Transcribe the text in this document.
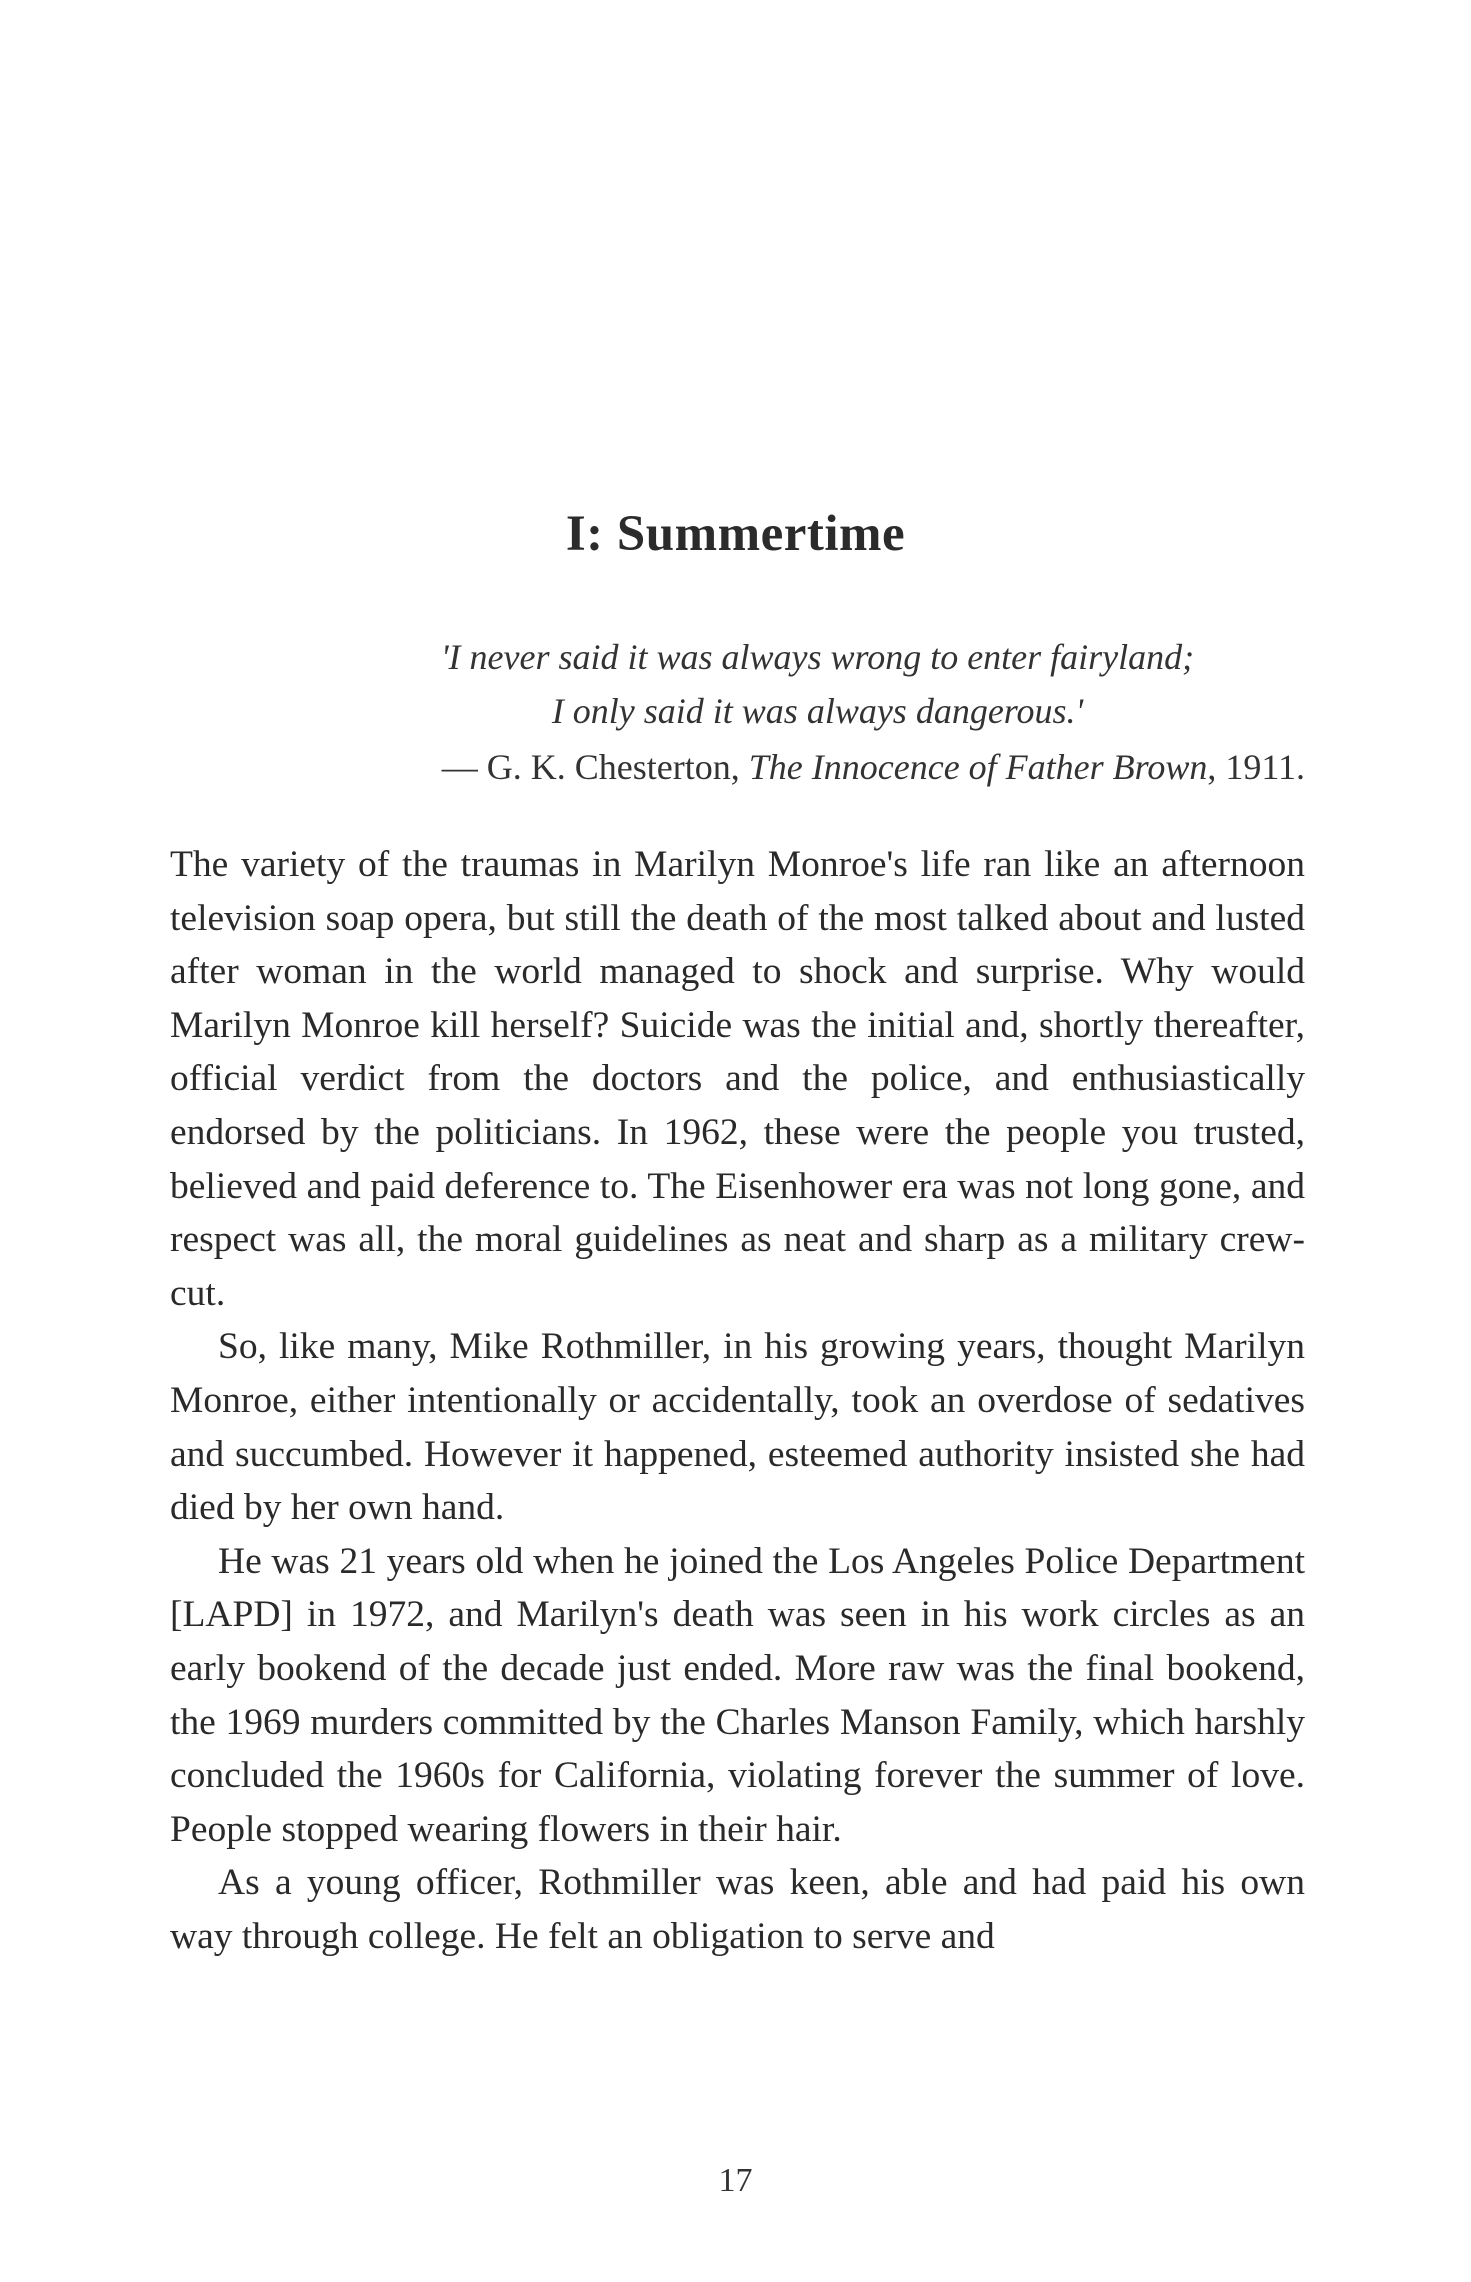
I: Summertime
'I never said it was always wrong to enter fairyland;
I only said it was always dangerous.'
— G. K. Chesterton, The Innocence of Father Brown, 1911.

The variety of the traumas in Marilyn Monroe's life ran like an afternoon television soap opera, but still the death of the most talked about and lusted after woman in the world managed to shock and surprise. Why would Marilyn Monroe kill herself? Suicide was the initial and, shortly thereafter, official verdict from the doctors and the police, and enthusiastically endorsed by the politicians. In 1962, these were the people you trusted, believed and paid deference to. The Eisenhower era was not long gone, and respect was all, the moral guidelines as neat and sharp as a military crew-cut.

So, like many, Mike Rothmiller, in his growing years, thought Marilyn Monroe, either intentionally or accidentally, took an overdose of sedatives and succumbed. However it happened, esteemed authority insisted she had died by her own hand.

He was 21 years old when he joined the Los Angeles Police Department [LAPD] in 1972, and Marilyn's death was seen in his work circles as an early bookend of the decade just ended. More raw was the final bookend, the 1969 murders committed by the Charles Manson Family, which harshly concluded the 1960s for California, violating forever the summer of love. People stopped wearing flowers in their hair.

As a young officer, Rothmiller was keen, able and had paid his own way through college. He felt an obligation to serve and

17
